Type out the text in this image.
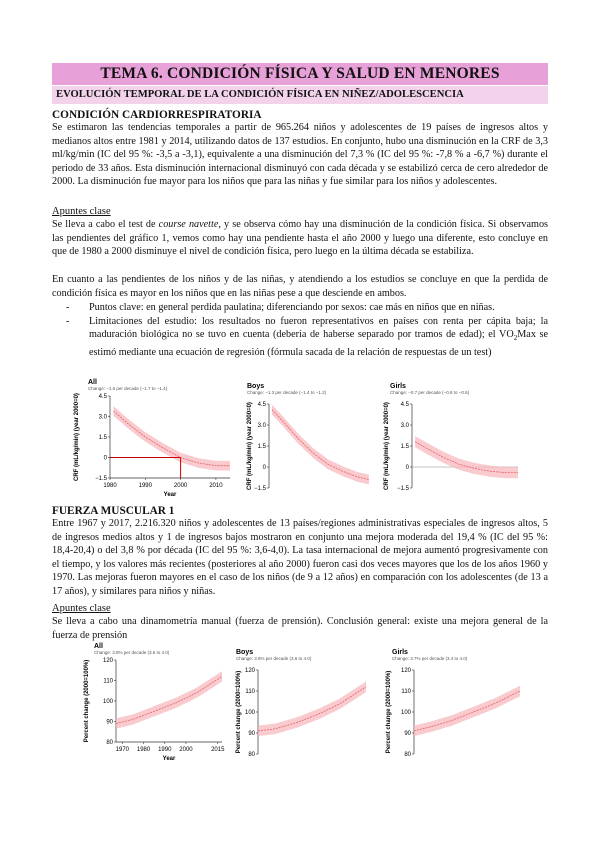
TEMA 6. CONDICIÓN FÍSICA Y SALUD EN MENORES
EVOLUCIÓN TEMPORAL DE LA CONDICIÓN FÍSICA EN NIÑEZ/ADOLESCENCIA
CONDICIÓN CARDIORRESPIRATORIA

Se estimaron las tendencias temporales a partir de 965.264 niños y adolescentes de 19 países de ingresos altos y medianos altos entre 1981 y 2014, utilizando datos de 137 estudios. En conjunto, hubo una disminución en la CRF de 3,3 ml/kg/min (IC del 95 %: -3,5 a -3,1), equivalente a una disminución del 7,3 % (IC del 95 %: -7,8 % a -6,7 %) durante el periodo de 33 años. Esta disminución internacional disminuyó con cada década y se estabilizó cerca de cero alrededor de 2000. La disminución fue mayor para los niños que para las niñas y fue similar para los niños y adolescentes.

Apuntes clase

Se lleva a cabo el test de course navette, y se observa cómo hay una disminución de la condición física. Si observamos las pendientes del gráfico 1, vemos como hay una pendiente hasta el año 2000 y luego una diferente, esto concluye en que de 1980 a 2000 disminuye el nivel de condición física, pero luego en la última década se estabiliza.

En cuanto a las pendientes de los niños y de las niñas, y atendiendo a los estudios se concluye en que la perdida de condición física es mayor en los niños que en las niñas pese a que desciende en ambos.

- Puntos clave: en general perdida paulatina; diferenciando por sexos: cae más en niños que en niñas.
- Limitaciones del estudio: los resultados no fueron representativos en países con renta per cápita baja; la maduración biológica no se tuvo en cuenta (debería de haberse separado por tramos de edad); el $VO_2Max$ se estimó mediante una ecuación de regresión (fórmula sacada de la relación de respuestas de un test)
All
Change: −1.6 per decade (−1.7 to −1.4)
4.5
3.0
1.5
0
−1.5
1980	1990	2000	2010
Year
CRF (mL/kg/min) (year 2000=0)
Boys
Change: −1.3 per decade (−1.4 to −1.2)
4.5
3.0
1.5
0
−1.5
CRF (mL/kg/min) (year 2000=0)
Girls
Change: −0.7 per decade (−0.8 to −0.6)
4.5
3.0
1.5
0
−1.5
CRF (mL/kg/min) (year 2000=0)
FUERZA MUSCULAR 1

Entre 1967 y 2017, 2.216.320 niños y adolescentes de 13 países/regiones administrativas especiales de ingresos altos, 5 de ingresos medios altos y 1 de ingresos bajos mostraron en conjunto una mejora moderada del 19,4 % (IC del 95 %: 18,4-20,4) o del 3,8 % por década (IC del 95 %: 3,6-4,0). La tasa internacional de mejora aumentó progresivamente con el tiempo, y los valores más recientes (posteriores al año 2000) fueron casi dos veces mayores que los de los años 1960 y 1970. Las mejoras fueron mayores en el caso de los niños (de 9 a 12 años) en comparación con los adolescentes (de 13 a 17 años), y similares para niños y niñas.

Apuntes clase

Se lleva a cabo una dinamometría manual (fuerza de prensión). Conclusión general: existe una mejora general de la fuerza de prensión

All
Change: 3.8% per decade (3.6 to 4.0)
80
90
100
110
120
1970 1980 1990 2000	2015
Year
Percent change (2000=100%)
Boys
Change: 3.8% per decade (3.6 to 4.0)
80
90
100
110
120
Percent change (2000=100%)
Girls
Change: 3.7% per decade (3.4 to 4.0)
80
90
100
110
120
Percent change (2000=100%)
